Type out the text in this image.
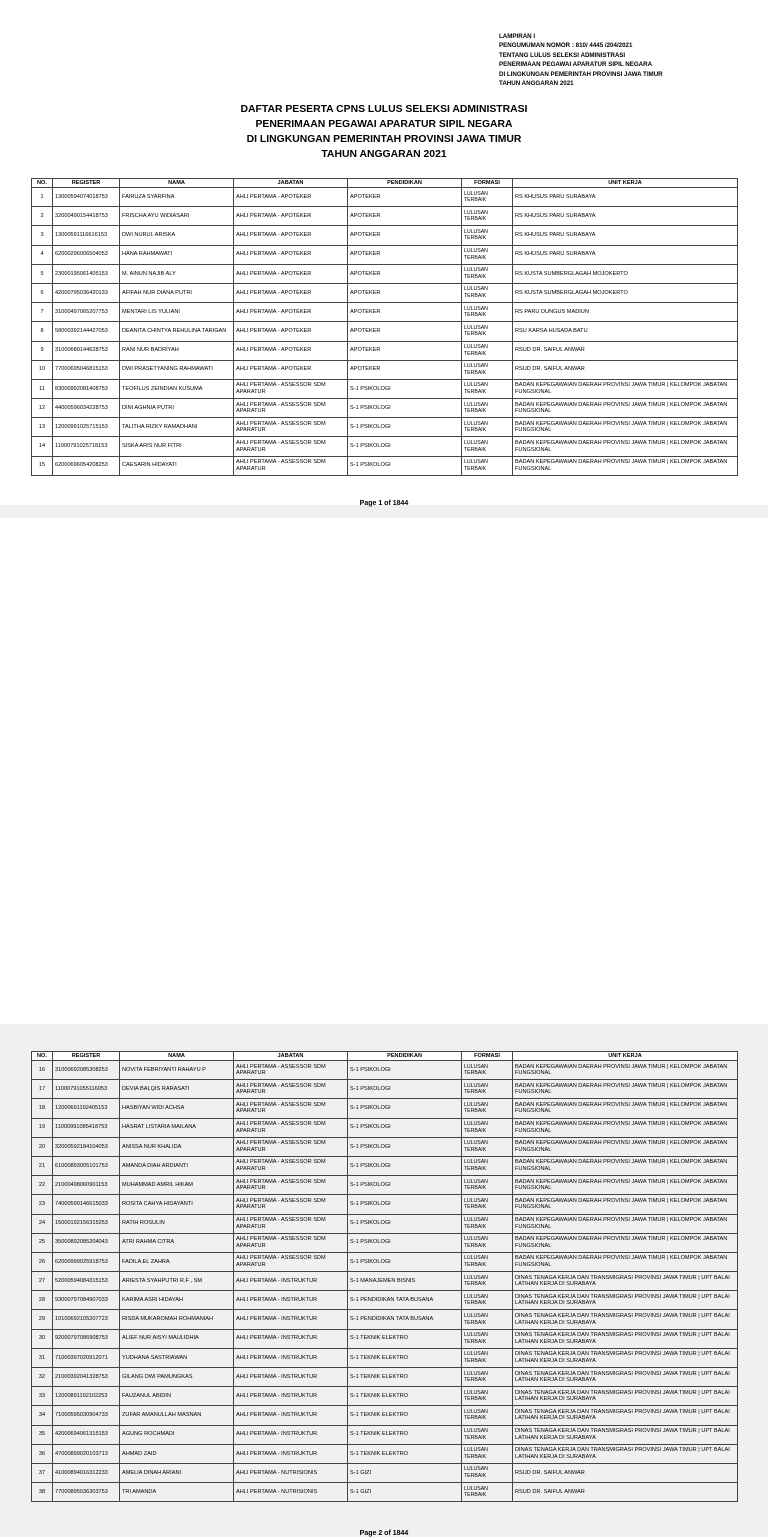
LAMPIRAN I
PENGUMUMAN NOMOR : 810/ 4445 /204/2021
TENTANG LULUS SELEKSI ADMINISTRASI
PENERIMAAN PEGAWAI APARATUR SIPIL NEGARA
DI LINGKUNGAN PEMERINTAH PROVINSI JAWA TIMUR
TAHUN ANGGARAN 2021
DAFTAR PESERTA CPNS LULUS SELEKSI ADMINISTRASI
PENERIMAAN PEGAWAI APARATUR SIPIL NEGARA
DI LINGKUNGAN PEMERINTAH PROVINSI JAWA TIMUR
TAHUN ANGGARAN 2021
NO.	REGISTER	NAMA	JABATAN	PENDIDIKAN	FORMASI	UNIT KERJA
1	13000594074018753	FAIRUZA SYARFINA	AHLI PERTAMA - APOTEKER	APOTEKER	LULUSAN TERBAIK	RS KHUSUS PARU SURABAYA
2	32000490154418753	FRISCHA AYU WIDIASARI	AHLI PERTAMA - APOTEKER	APOTEKER	LULUSAN TERBAIK	RS KHUSUS PARU SURABAYA
3	13000591116616153	DWI NURUL ARISKA	AHLI PERTAMA - APOTEKER	APOTEKER	LULUSAN TERBAIK	RS KHUSUS PARU SURABAYA
4	62000296006504053	HANA RAHMAWATI	AHLI PERTAMA - APOTEKER	APOTEKER	LULUSAN TERBAIK	RS KHUSUS PARU SURABAYA
5	23000195061405153	M. AINUN NAJIB ALY	AHLI PERTAMA - APOTEKER	APOTEKER	LULUSAN TERBAIK	RS KUSTA SUMBERGLAGAH MOJOKERTO
6	42000795036420133	AFIFAH NUR DIANA PUTRI	AHLI PERTAMA - APOTEKER	APOTEKER	LULUSAN TERBAIK	RS KUSTA SUMBERGLAGAH MOJOKERTO
7	31000497065207753	MENTARI LIS YULIANI	AHLI PERTAMA - APOTEKER	APOTEKER	LULUSAN TERBAIK	RS PARU DUNGUS MADIUN
8	58000392144427053	DEANITA CHINTYA REHULINA TARIGAN	AHLI PERTAMA - APOTEKER	APOTEKER	LULUSAN TERBAIK	RSU KARSA HUSADA BATU
9	31000680144628753	RANI NUR BADRIYAH	AHLI PERTAMA - APOTEKER	APOTEKER	LULUSAN TERBAIK	RSUD DR. SAIFUL ANWAR
10	77000695046815153	DWI PRASETYANING RAHMAWATI	AHLI PERTAMA - APOTEKER	APOTEKER	LULUSAN TERBAIK	RSUD DR. SAIFUL ANWAR
11	83000992081408753	TEOFILUS ZEINDIAN KUSUMA	AHLI PERTAMA - ASSESSOR SDM APARATUR	S-1 PSIKOLOGI	LULUSAN TERBAIK	BADAN KEPEGAWAIAN DAERAH PROVINSI JAWA TIMUR | KELOMPOK JABATAN FUNGSIONAL
12	44000596034228753	DINI AGHNIA PUTRI	AHLI PERTAMA - ASSESSOR SDM APARATUR	S-1 PSIKOLOGI	LULUSAN TERBAIK	BADAN KEPEGAWAIAN DAERAH PROVINSI JAWA TIMUR | KELOMPOK JABATAN FUNGSIONAL
13	12000991025715153	TALITHA RIZKY RAMADHANI	AHLI PERTAMA - ASSESSOR SDM APARATUR	S-1 PSIKOLOGI	LULUSAN TERBAIK	BADAN KEPEGAWAIAN DAERAH PROVINSI JAWA TIMUR | KELOMPOK JABATAN FUNGSIONAL
14	11000791025718153	SISKA ARIS NUR FITRI	AHLI PERTAMA - ASSESSOR SDM APARATUR	S-1 PSIKOLOGI	LULUSAN TERBAIK	BADAN KEPEGAWAIAN DAERAH PROVINSI JAWA TIMUR | KELOMPOK JABATAN FUNGSIONAL
15	62000696054208253	CAESARIN HIDAYATI	AHLI PERTAMA - ASSESSOR SDM APARATUR	S-1 PSIKOLOGI	LULUSAN TERBAIK	BADAN KEPEGAWAIAN DAERAH PROVINSI JAWA TIMUR | KELOMPOK JABATAN FUNGSIONAL
Page 1 of 1844
NO.	REGISTER	NAMA	JABATAN	PENDIDIKAN	FORMASI	UNIT KERJA
16	31000692085308253	NOVITA FEBRIYANTI RAHAYU P	AHLI PERTAMA - ASSESSOR SDM APARATUR	S-1 PSIKOLOGI	LULUSAN TERBAIK	BADAN KEPEGAWAIAN DAERAH PROVINSI JAWA TIMUR | KELOMPOK JABATAN FUNGSIONAL
17	11000791055116053	DEVIA BALQIS RARASATI	AHLI PERTAMA - ASSESSOR SDM APARATUR	S-1 PSIKOLOGI	LULUSAN TERBAIK	BADAN KEPEGAWAIAN DAERAH PROVINSI JAWA TIMUR | KELOMPOK JABATAN FUNGSIONAL
18	12000691192405153	HASBIYAN WIDI ACHSA	AHLI PERTAMA - ASSESSOR SDM APARATUR	S-1 PSIKOLOGI	LULUSAN TERBAIK	BADAN KEPEGAWAIAN DAERAH PROVINSI JAWA TIMUR | KELOMPOK JABATAN FUNGSIONAL
19	11000991085418753	HASRAT LISTARIA MAILANA	AHLI PERTAMA - ASSESSOR SDM APARATUR	S-1 PSIKOLOGI	LULUSAN TERBAIK	BADAN KEPEGAWAIAN DAERAH PROVINSI JAWA TIMUR | KELOMPOK JABATAN FUNGSIONAL
20	32000592184104053	ANISSA NUR KHALIDA	AHLI PERTAMA - ASSESSOR SDM APARATUR	S-1 PSIKOLOGI	LULUSAN TERBAIK	BADAN KEPEGAWAIAN DAERAH PROVINSI JAWA TIMUR | KELOMPOK JABATAN FUNGSIONAL
21	61000893005101753	AMANDA DIAH ARDIANTI	AHLI PERTAMA - ASSESSOR SDM APARATUR	S-1 PSIKOLOGI	LULUSAN TERBAIK	BADAN KEPEGAWAIAN DAERAH PROVINSI JAWA TIMUR | KELOMPOK JABATAN FUNGSIONAL
22	21000498060901153	MUHAMMAD AMRIL HIKAM	AHLI PERTAMA - ASSESSOR SDM APARATUR	S-1 PSIKOLOGI	LULUSAN TERBAIK	BADAN KEPEGAWAIAN DAERAH PROVINSI JAWA TIMUR | KELOMPOK JABATAN FUNGSIONAL
23	74000590146615033	ROSITA CAHYA HIDAYANTI	AHLI PERTAMA - ASSESSOR SDM APARATUR	S-1 PSIKOLOGI	LULUSAN TERBAIK	BADAN KEPEGAWAIAN DAERAH PROVINSI JAWA TIMUR | KELOMPOK JABATAN FUNGSIONAL
24	15000192156315253	RATIH ROSULIN	AHLI PERTAMA - ASSESSOR SDM APARATUR	S-1 PSIKOLOGI	LULUSAN TERBAIK	BADAN KEPEGAWAIAN DAERAH PROVINSI JAWA TIMUR | KELOMPOK JABATAN FUNGSIONAL
25	35000892085204043	ATRI RAHMA CITRA	AHLI PERTAMA - ASSESSOR SDM APARATUR	S-1 PSIKOLOGI	LULUSAN TERBAIK	BADAN KEPEGAWAIAN DAERAH PROVINSI JAWA TIMUR | KELOMPOK JABATAN FUNGSIONAL
26	62000999025918753	FADILA EL ZAHRA	AHLI PERTAMA - ASSESSOR SDM APARATUR	S-1 PSIKOLOGI	LULUSAN TERBAIK	BADAN KEPEGAWAIAN DAERAH PROVINSI JAWA TIMUR | KELOMPOK JABATAN FUNGSIONAL
27	52000594084315153	ARIESTA SYAHPUTRI R.F , SM	AHLI PERTAMA - INSTRUKTUR	S-1 MANAJEMEN BISNIS	LULUSAN TERBAIK	DINAS TENAGA KERJA DAN TRANSMIGRASI PROVINSI JAWA TIMUR | UPT BALAI LATIHAN KERJA DI SURABAYA
28	93000797084907033	KARIMA ASRI HIDAYAH	AHLI PERTAMA - INSTRUKTUR	S-1 PENDIDIKAN TATA BUSANA	LULUSAN TERBAIK	DINAS TENAGA KERJA DAN TRANSMIGRASI PROVINSI JAWA TIMUR | UPT BALAI LATIHAN KERJA DI SURABAYA
29	10100692105207723	RISDA MUKAROMAH ROHMANIAH	AHLI PERTAMA - INSTRUKTUR	S-1 PENDIDIKAN TATA BUSANA	LULUSAN TERBAIK	DINAS TENAGA KERJA DAN TRANSMIGRASI PROVINSI JAWA TIMUR | UPT BALAI LATIHAN KERJA DI SURABAYA
30	92000797086908753	ALIEF NUR AISYI MAULIDHIA	AHLI PERTAMA - INSTRUKTUR	S-1 TEKNIK ELEKTRO	LULUSAN TERBAIK	DINAS TENAGA KERJA DAN TRANSMIGRASI PROVINSI JAWA TIMUR | UPT BALAI LATIHAN KERJA DI SURABAYA
31	71000397020912071	YUDHANA SASTRIAWAN	AHLI PERTAMA - INSTRUKTUR	S-1 TEKNIK ELEKTRO	LULUSAN TERBAIK	DINAS TENAGA KERJA DAN TRANSMIGRASI PROVINSI JAWA TIMUR | UPT BALAI LATIHAN KERJA DI SURABAYA
32	21000392041328753	GILANG DWI PAMUNGKAS	AHLI PERTAMA - INSTRUKTUR	S-1 TEKNIK ELEKTRO	LULUSAN TERBAIK	DINAS TENAGA KERJA DAN TRANSMIGRASI PROVINSI JAWA TIMUR | UPT BALAI LATIHAN KERJA DI SURABAYA
33	12000891192102253	FAUZANUL ABIDIN	AHLI PERTAMA - INSTRUKTUR	S-1 TEKNIK ELEKTRO	LULUSAN TERBAIK	DINAS TENAGA KERJA DAN TRANSMIGRASI PROVINSI JAWA TIMUR | UPT BALAI LATIHAN KERJA DI SURABAYA
34	71000595030904733	ZUFAR AMANULLAH MASNAN	AHLI PERTAMA - INSTRUKTUR	S-1 TEKNIK ELEKTRO	LULUSAN TERBAIK	DINAS TENAGA KERJA DAN TRANSMIGRASI PROVINSI JAWA TIMUR | UPT BALAI LATIHAN KERJA DI SURABAYA
35	42000694061315153	AGUNG ROCHMADI	AHLI PERTAMA - INSTRUKTUR	S-1 TEKNIK ELEKTRO	LULUSAN TERBAIK	DINAS TENAGA KERJA DAN TRANSMIGRASI PROVINSI JAWA TIMUR | UPT BALAI LATIHAN KERJA DI SURABAYA
36	47000899020103713	AHMAD ZAID	AHLI PERTAMA - INSTRUKTUR	S-1 TEKNIK ELEKTRO	LULUSAN TERBAIK	DINAS TENAGA KERJA DAN TRANSMIGRASI PROVINSI JAWA TIMUR | UPT BALAI LATIHAN KERJA DI SURABAYA
37	41000894016312233	AMELIA DINAH ARIANI	AHLI PERTAMA - NUTRISIONIS	S-1 GIZI	LULUSAN TERBAIK	RSUD DR. SAIFUL ANWAR
38	77000895036303753	TRI AMANDA	AHLI PERTAMA - NUTRISIONIS	S-1 GIZI	LULUSAN TERBAIK	RSUD DR. SAIFUL ANWAR
Page 2 of 1844
